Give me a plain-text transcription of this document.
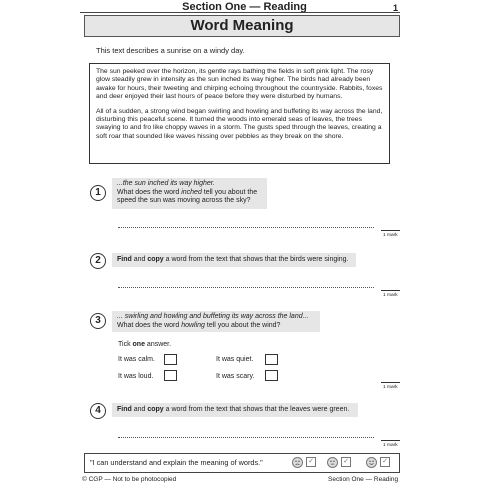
Section One — Reading	1
Word Meaning
This text describes a sunrise on a windy day.

The sun peeked over the horizon, its gentle rays bathing the fields in soft pink light. The rosy glow steadily grew in intensity as the sun inched its way higher. The birds had already been awake for hours, their tweeting and chirping echoing throughout the countryside. Rabbits, foxes and deer enjoyed their last hours of peace before they were disturbed by humans.

All of a sudden, a strong wind began swirling and howling and buffeting its way across the land, disturbing this peaceful scene. It turned the woods into emerald seas of leaves, the trees swaying to and fro like choppy waves in a storm. The gusts sped through the leaves, creating a soft roar that sounded like waves hissing over pebbles as they break on the shore.

1
...the sun inched its way higher.
What does the word inched tell you about the speed the sun was moving across the sky?
1 mark
2	Find and copy a word from the text that shows that the birds were singing.
1 mark
3	... swirling and howling and buffeting its way across the land...
What does the word howling tell you about the wind?
Tick one answer.
It was calm.	It was quiet.
It was loud.	It was scary.
1 mark
4	Find and copy a word from the text that shows that the leaves were green.
1 mark
"I can understand and explain the meaning of words."	✓	✓	✓
© CGP — Not to be photocopied	Section One — Reading
